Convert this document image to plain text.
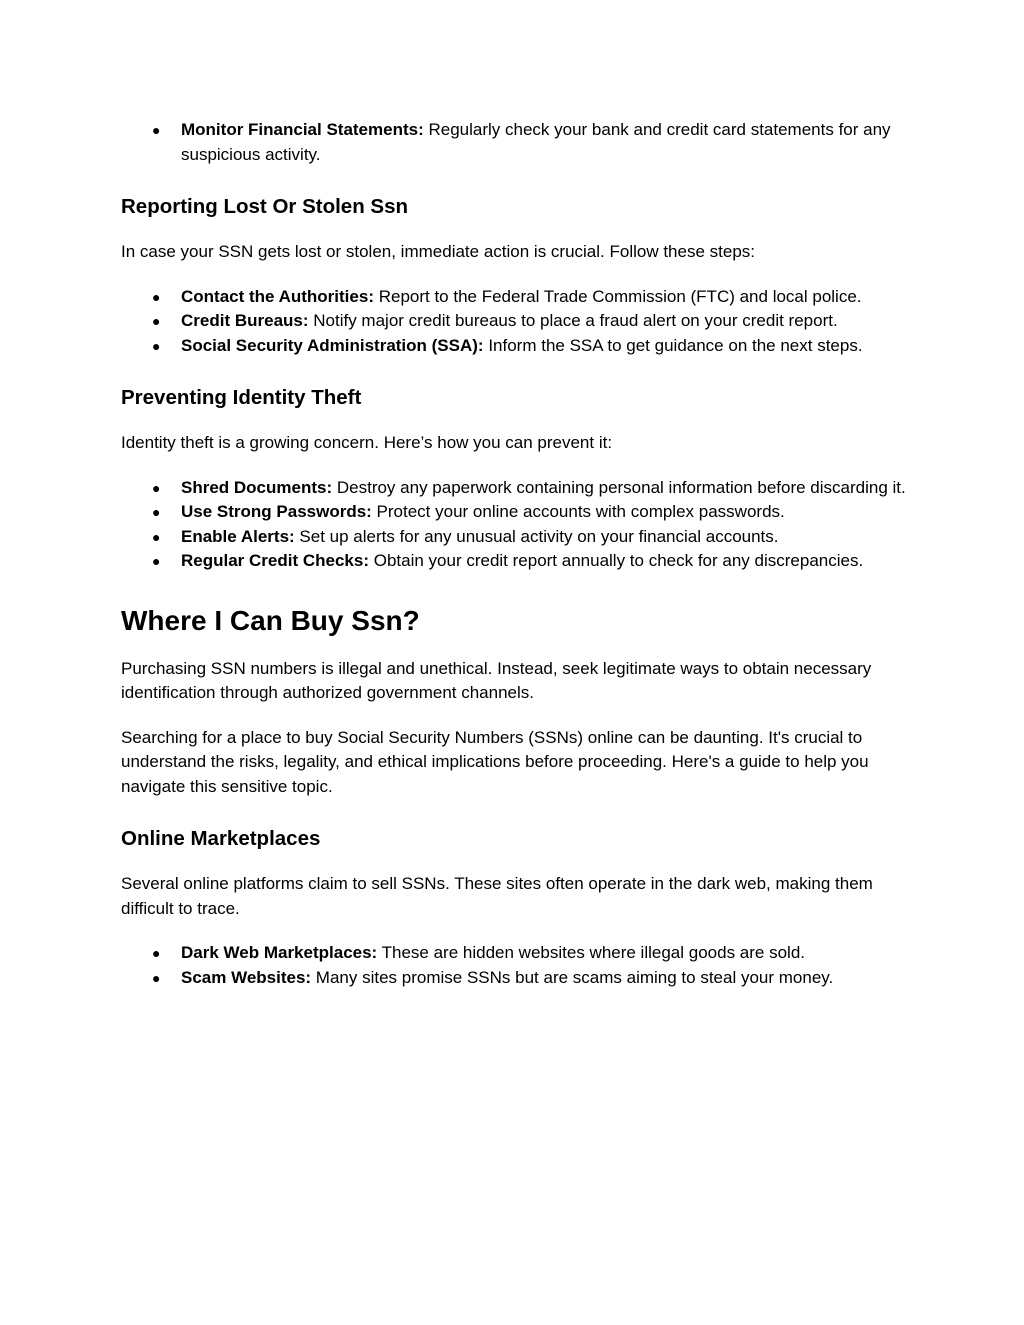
● Monitor Financial Statements: Regularly check your bank and credit card statements for any suspicious activity.
Reporting Lost Or Stolen Ssn

In case your SSN gets lost or stolen, immediate action is crucial. Follow these steps:

● Contact the Authorities: Report to the Federal Trade Commission (FTC) and local police.
● Credit Bureaus: Notify major credit bureaus to place a fraud alert on your credit report.
● Social Security Administration (SSA): Inform the SSA to get guidance on the next steps.
Preventing Identity Theft

Identity theft is a growing concern. Here’s how you can prevent it:

● Shred Documents: Destroy any paperwork containing personal information before discarding it.
● Use Strong Passwords: Protect your online accounts with complex passwords.
● Enable Alerts: Set up alerts for any unusual activity on your financial accounts.
● Regular Credit Checks: Obtain your credit report annually to check for any discrepancies.
Where I Can Buy Ssn?

Purchasing SSN numbers is illegal and unethical. Instead, seek legitimate ways to obtain necessary identification through authorized government channels.

Searching for a place to buy Social Security Numbers (SSNs) online can be daunting. It's crucial to understand the risks, legality, and ethical implications before proceeding. Here's a guide to help you navigate this sensitive topic.

Online Marketplaces

Several online platforms claim to sell SSNs. These sites often operate in the dark web, making them difficult to trace.

● Dark Web Marketplaces: These are hidden websites where illegal goods are sold.
● Scam Websites: Many sites promise SSNs but are scams aiming to steal your money.
